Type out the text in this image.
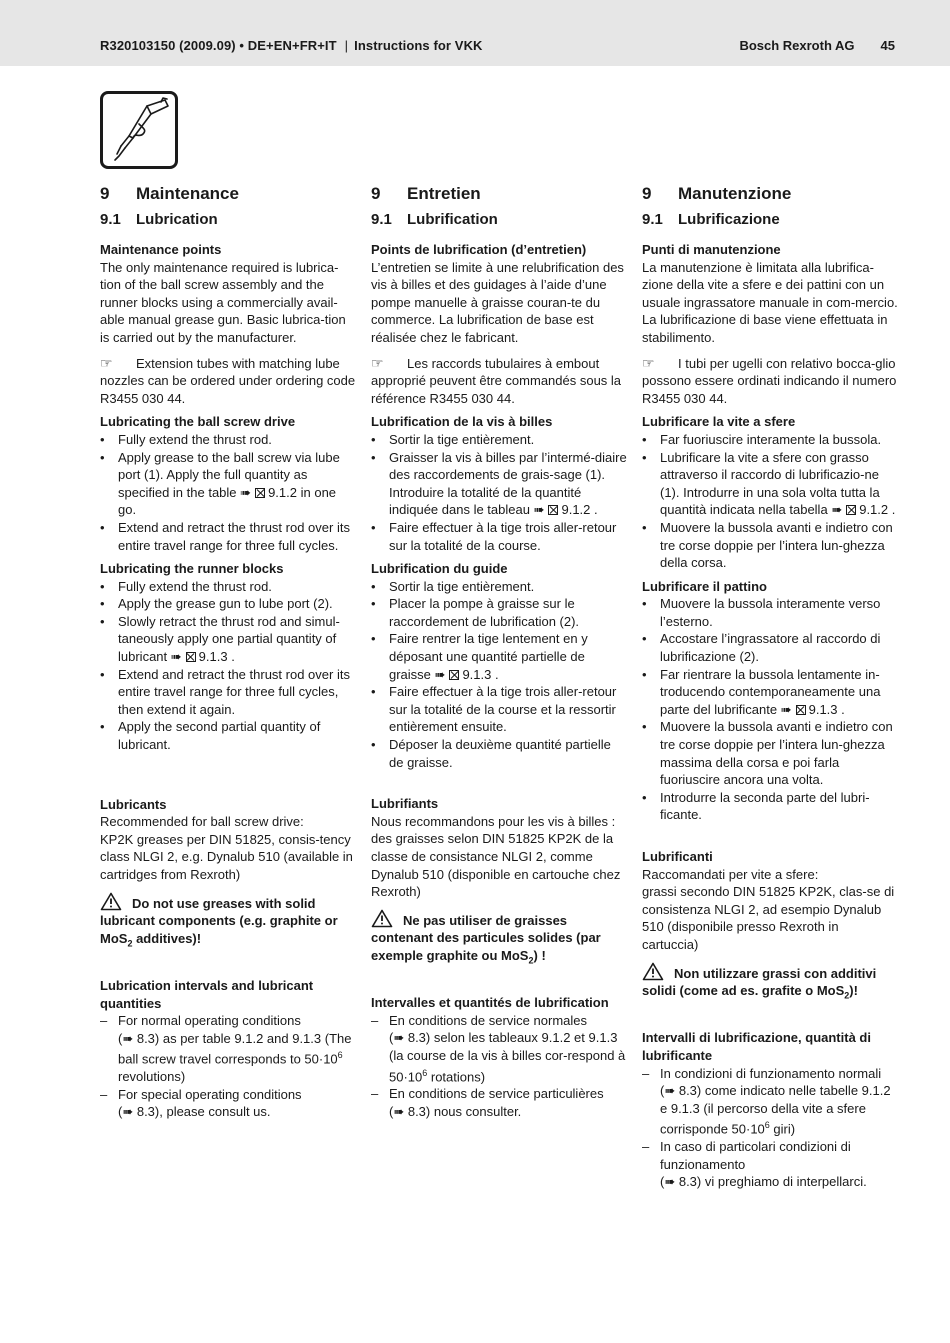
R320103150 (2009.09) • DE+EN+FR+IT | Instructions for VKK	Bosch Rexroth AG 45
9 Maintenance
9.1 Lubrication

Maintenance points

The only maintenance required is lubrica-tion of the ball screw assembly and the runner blocks using a commercially avail-able manual grease gun. Basic lubrica-tion is carried out by the manufacturer.

☞ Extension tubes with matching lube nozzles can be ordered under ordering code R3455 030 44.

Lubricating the ball screw drive

• Fully extend the thrust rod.
• Apply grease to the ball screw via lube port (1). Apply the full quantity as specified in the table ➠ 9.1.2 in one go.
• Extend and retract the thrust rod over its entire travel range for three full cycles.

Lubricating the runner blocks

• Fully extend the thrust rod.
• Apply the grease gun to lube port (2).
• Slowly retract the thrust rod and simul-taneously apply one partial quantity of lubricant ➠ 9.1.3 .
• Extend and retract the thrust rod over its entire travel range for three full cycles, then extend it again.
• Apply the second partial quantity of lubricant.

Lubricants

Recommended for ball screw drive:
KP2K greases per DIN 51825, consis-tency class NLGI 2, e.g. Dynalub 510 (available in cartridges from Rexroth)

Do not use greases with solid lubricant components (e.g. graphite or MoS$_2$ additives)!

Lubrication intervals and lubricant quantities

– For normal operating conditions
(➠ 8.3) as per table 9.1.2 and 9.1.3 (The ball screw travel corresponds to $50\cdot 10^6$ revolutions)
– For special operating conditions
(➠ 8.3), please consult us.
9 Entretien
9.1 Lubrification

Points de lubrification (d’entretien)

L’entretien se limite à une relubrification des vis à billes et des guidages à l’aide d’une pompe manuelle à graisse couran-te du commerce. La lubrification de base est réalisée chez le fabricant.

☞ Les raccords tubulaires à embout approprié peuvent être commandés sous la référence R3455 030 44.

Lubrification de la vis à billes

• Sortir la tige entièrement.
• Graisser la vis à billes par l’intermé-diaire des raccordements de grais-sage (1). Introduire la totalité de la quantité indiquée dans le tableau ➠ 9.1.2 .
• Faire effectuer à la tige trois aller-retour sur la totalité de la course.

Lubrification du guide

• Sortir la tige entièrement.
• Placer la pompe à graisse sur le raccordement de lubrification (2).
• Faire rentrer la tige lentement en y déposant une quantité partielle de graisse ➠ 9.1.3 .
• Faire effectuer à la tige trois aller-retour sur la totalité de la course et la ressortir entièrement ensuite.
• Déposer la deuxième quantité partielle de graisse.

Lubrifiants

Nous recommandons pour les vis à billes :
des graisses selon DIN 51825 KP2K de la classe de consistance NLGI 2, comme Dynalub 510 (disponible en cartouche chez Rexroth)

Ne pas utiliser de graisses contenant des particules solides (par exemple graphite ou MoS$_2$) !

Intervalles et quantités de lubrification

– En conditions de service normales
(➠ 8.3) selon les tableaux 9.1.2 et 9.1.3 (la course de la vis à billes cor-respond à $50\cdot 10^6$ rotations)
– En conditions de service particulières
(➠ 8.3) nous consulter.
9 Manutenzione
9.1 Lubrificazione

Punti di manutenzione

La manutenzione è limitata alla lubrifica-zione della vite a sfere e dei pattini con un usuale ingrassatore manuale in com-mercio. La lubrificazione di base viene effettuata in stabilimento.

☞ I tubi per ugelli con relativo bocca-glio possono essere ordinati indicando il numero R3455 030 44.

Lubrificare la vite a sfere

• Far fuoriuscire interamente la bussola.
• Lubrificare la vite a sfere con grasso attraverso il raccordo di lubrificazio-ne (1). Introdurre in una sola volta tutta la quantità indicata nella tabella ➠ 9.1.2 .
• Muovere la bussola avanti e indietro con tre corse doppie per l’intera lun-ghezza della corsa.

Lubrificare il pattino

• Muovere la bussola interamente verso l’esterno.
• Accostare l’ingrassatore al raccordo di lubrificazione (2).
• Far rientrare la bussola lentamente in-troducendo contemporaneamente una parte del lubrificante ➠ 9.1.3 .
• Muovere la bussola avanti e indietro con tre corse doppie per l’intera lun-ghezza massima della corsa e poi farla fuoriuscire ancora una volta.
• Introdurre la seconda parte del lubri-ficante.

Lubrificanti

Raccomandati per vite a sfere:
grassi secondo DIN 51825 KP2K, clas-se di consistenza NLGI 2, ad esempio Dynalub 510 (disponibile presso Rexroth in cartuccia)

Non utilizzare grassi con additivi solidi (come ad es. grafite o MoS$_2$)!

Intervalli di lubrificazione, quantità di lubrificante

– In condizioni di funzionamento normali
(➠ 8.3) come indicato nelle tabelle 9.1.2 e 9.1.3 (il percorso della vite a sfere corrisponde $50\cdot 10^6$ giri)
– In caso di particolari condizioni di funzionamento
(➠ 8.3) vi preghiamo di interpellarci.
